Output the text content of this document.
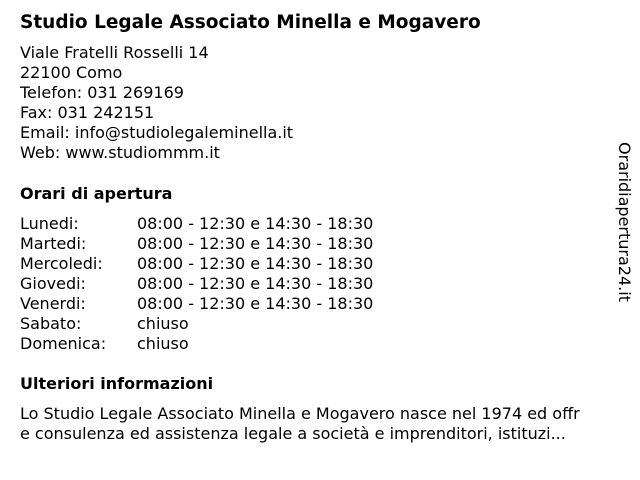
Studio Legale Associato Minella e Mogavero
Viale Fratelli Rosselli 14
22100 Como
Telefon: 031 269169
Fax: 031 242151
Email: info@studiolegaleminella.it
Web: www.studiommm.it
Orari di apertura
Lunedi:	08:00 - 12:30 e 14:30 - 18:30
Martedi:	08:00 - 12:30 e 14:30 - 18:30
Mercoledi: 08:00 - 12:30 e 14:30 - 18:30
Giovedi:	08:00 - 12:30 e 14:30 - 18:30
Venerdi:	08:00 - 12:30 e 14:30 - 18:30
Sabato:	chiuso
Domenica: chiuso
Ulteriori informazioni
Lo Studio Legale Associato Minella e Mogavero nasce nel 1974 ed offr
e consulenza ed assistenza legale a società e imprenditori, istituzi...
Oraridiapertura24.it
